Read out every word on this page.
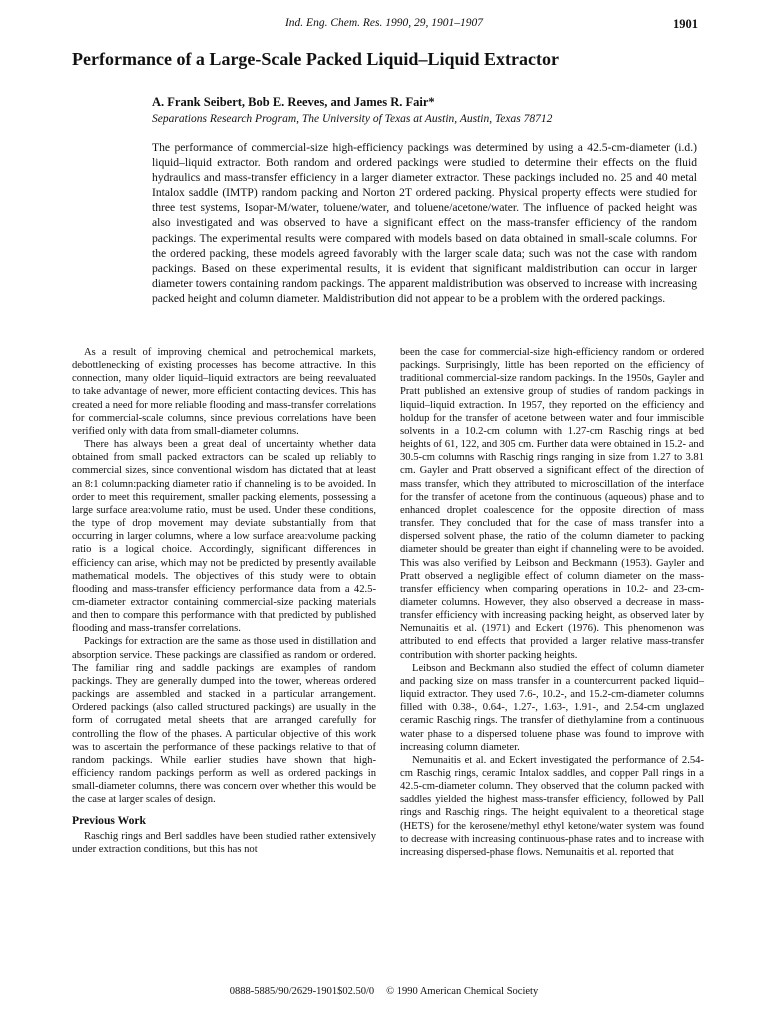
Ind. Eng. Chem. Res. 1990, 29, 1901–1907	1901
Performance of a Large-Scale Packed Liquid–Liquid Extractor
A. Frank Seibert, Bob E. Reeves, and James R. Fair*
Separations Research Program, The University of Texas at Austin, Austin, Texas 78712

The performance of commercial-size high-efficiency packings was determined by using a 42.5-cm-diameter (i.d.) liquid–liquid extractor. Both random and ordered packings were studied to determine their effects on the fluid hydraulics and mass-transfer efficiency in a larger diameter extractor. These packings included no. 25 and 40 metal Intalox saddle (IMTP) random packing and Norton 2T ordered packing. Physical property effects were studied for three test systems, Isopar-M/water, toluene/water, and toluene/acetone/water. The influence of packed height was also investigated and was observed to have a significant effect on the mass-transfer efficiency of the random packings. The experimental results were compared with models based on data obtained in small-scale columns. For the ordered packing, these models agreed favorably with the larger scale data; such was not the case with random packings. Based on these experimental results, it is evident that significant maldistribution can occur in larger diameter towers containing random packings. The apparent maldistribution was observed to increase with increasing packed height and column diameter. Maldistribution did not appear to be a problem with the ordered packings.

As a result of improving chemical and petrochemical markets, debottlenecking of existing processes has become attractive. In this connection, many older liquid–liquid extractors are being reevaluated to take advantage of newer, more efficient contacting devices. This has created a need for more reliable flooding and mass-transfer correlations for commercial-scale columns, since previous correlations have been verified only with data from small-diameter columns.

There has always been a great deal of uncertainty whether data obtained from small packed extractors can be scaled up reliably to commercial sizes, since conventional wisdom has dictated that at least an 8:1 column:packing diameter ratio if channeling is to be avoided. In order to meet this requirement, smaller packing elements, possessing a large surface area:volume ratio, must be used. Under these conditions, the type of drop movement may deviate substantially from that occurring in larger columns, where a low surface area:volume packing ratio is a logical choice. Accordingly, significant differences in efficiency can arise, which may not be predicted by presently available mathematical models. The objectives of this study were to obtain flooding and mass-transfer efficiency performance data from a 42.5-cm-diameter extractor containing commercial-size packing materials and then to compare this performance with that predicted by published flooding and mass-transfer correlations.

Packings for extraction are the same as those used in distillation and absorption service. These packings are classified as random or ordered. The familiar ring and saddle packings are examples of random packings. They are generally dumped into the tower, whereas ordered packings are assembled and stacked in a particular arrangement. Ordered packings (also called structured packings) are usually in the form of corrugated metal sheets that are arranged carefully for controlling the flow of the phases. A particular objective of this work was to ascertain the performance of these packings relative to that of random packings. While earlier studies have shown that high-efficiency random packings perform as well as ordered packings in small-diameter columns, there was concern over whether this would be the case at larger scales of design.

Previous Work

Raschig rings and Berl saddles have been studied rather extensively under extraction conditions, but this has not

been the case for commercial-size high-efficiency random or ordered packings. Surprisingly, little has been reported on the efficiency of traditional commercial-size random packings. In the 1950s, Gayler and Pratt published an extensive group of studies of random packings in liquid–liquid extraction. In 1957, they reported on the efficiency and holdup for the transfer of acetone between water and four immiscible solvents in a 10.2-cm column with 1.27-cm Raschig rings at bed heights of 61, 122, and 305 cm. Further data were obtained in 15.2- and 30.5-cm columns with Raschig rings ranging in size from 1.27 to 3.81 cm. Gayler and Pratt observed a significant effect of the direction of mass transfer, which they attributed to microscillation of the interface for the transfer of acetone from the continuous (aqueous) phase and to enhanced droplet coalescence for the opposite direction of mass transfer. They concluded that for the case of mass transfer into a dispersed solvent phase, the ratio of the column diameter to packing diameter should be greater than eight if channeling were to be avoided. This was also verified by Leibson and Beckmann (1953). Gayler and Pratt observed a negligible effect of column diameter on the mass-transfer efficiency when comparing operations in 10.2- and 23-cm-diameter columns. However, they also observed a decrease in mass-transfer efficiency with increasing packing height, as observed later by Nemunaitis et al. (1971) and Eckert (1976). This phenomenon was attributed to end effects that provided a larger relative mass-transfer contribution with shorter packing heights.

Leibson and Beckmann also studied the effect of column diameter and packing size on mass transfer in a countercurrent packed liquid–liquid extractor. They used 7.6-, 10.2-, and 15.2-cm-diameter columns filled with 0.38-, 0.64-, 1.27-, 1.63-, 1.91-, and 2.54-cm unglazed ceramic Raschig rings. The transfer of diethylamine from a continuous water phase to a dispersed toluene phase was found to improve with increasing column diameter.

Nemunaitis et al. and Eckert investigated the performance of 2.54-cm Raschig rings, ceramic Intalox saddles, and copper Pall rings in a 42.5-cm-diameter column. They observed that the column packed with saddles yielded the highest mass-transfer efficiency, followed by Pall rings and Raschig rings. The height equivalent to a theoretical stage (HETS) for the kerosene/methyl ethyl ketone/water system was found to decrease with increasing continuous-phase rates and to increase with increasing dispersed-phase flows. Nemunaitis et al. reported that

0888-5885/90/2629-1901$02.50/0 © 1990 American Chemical Society
